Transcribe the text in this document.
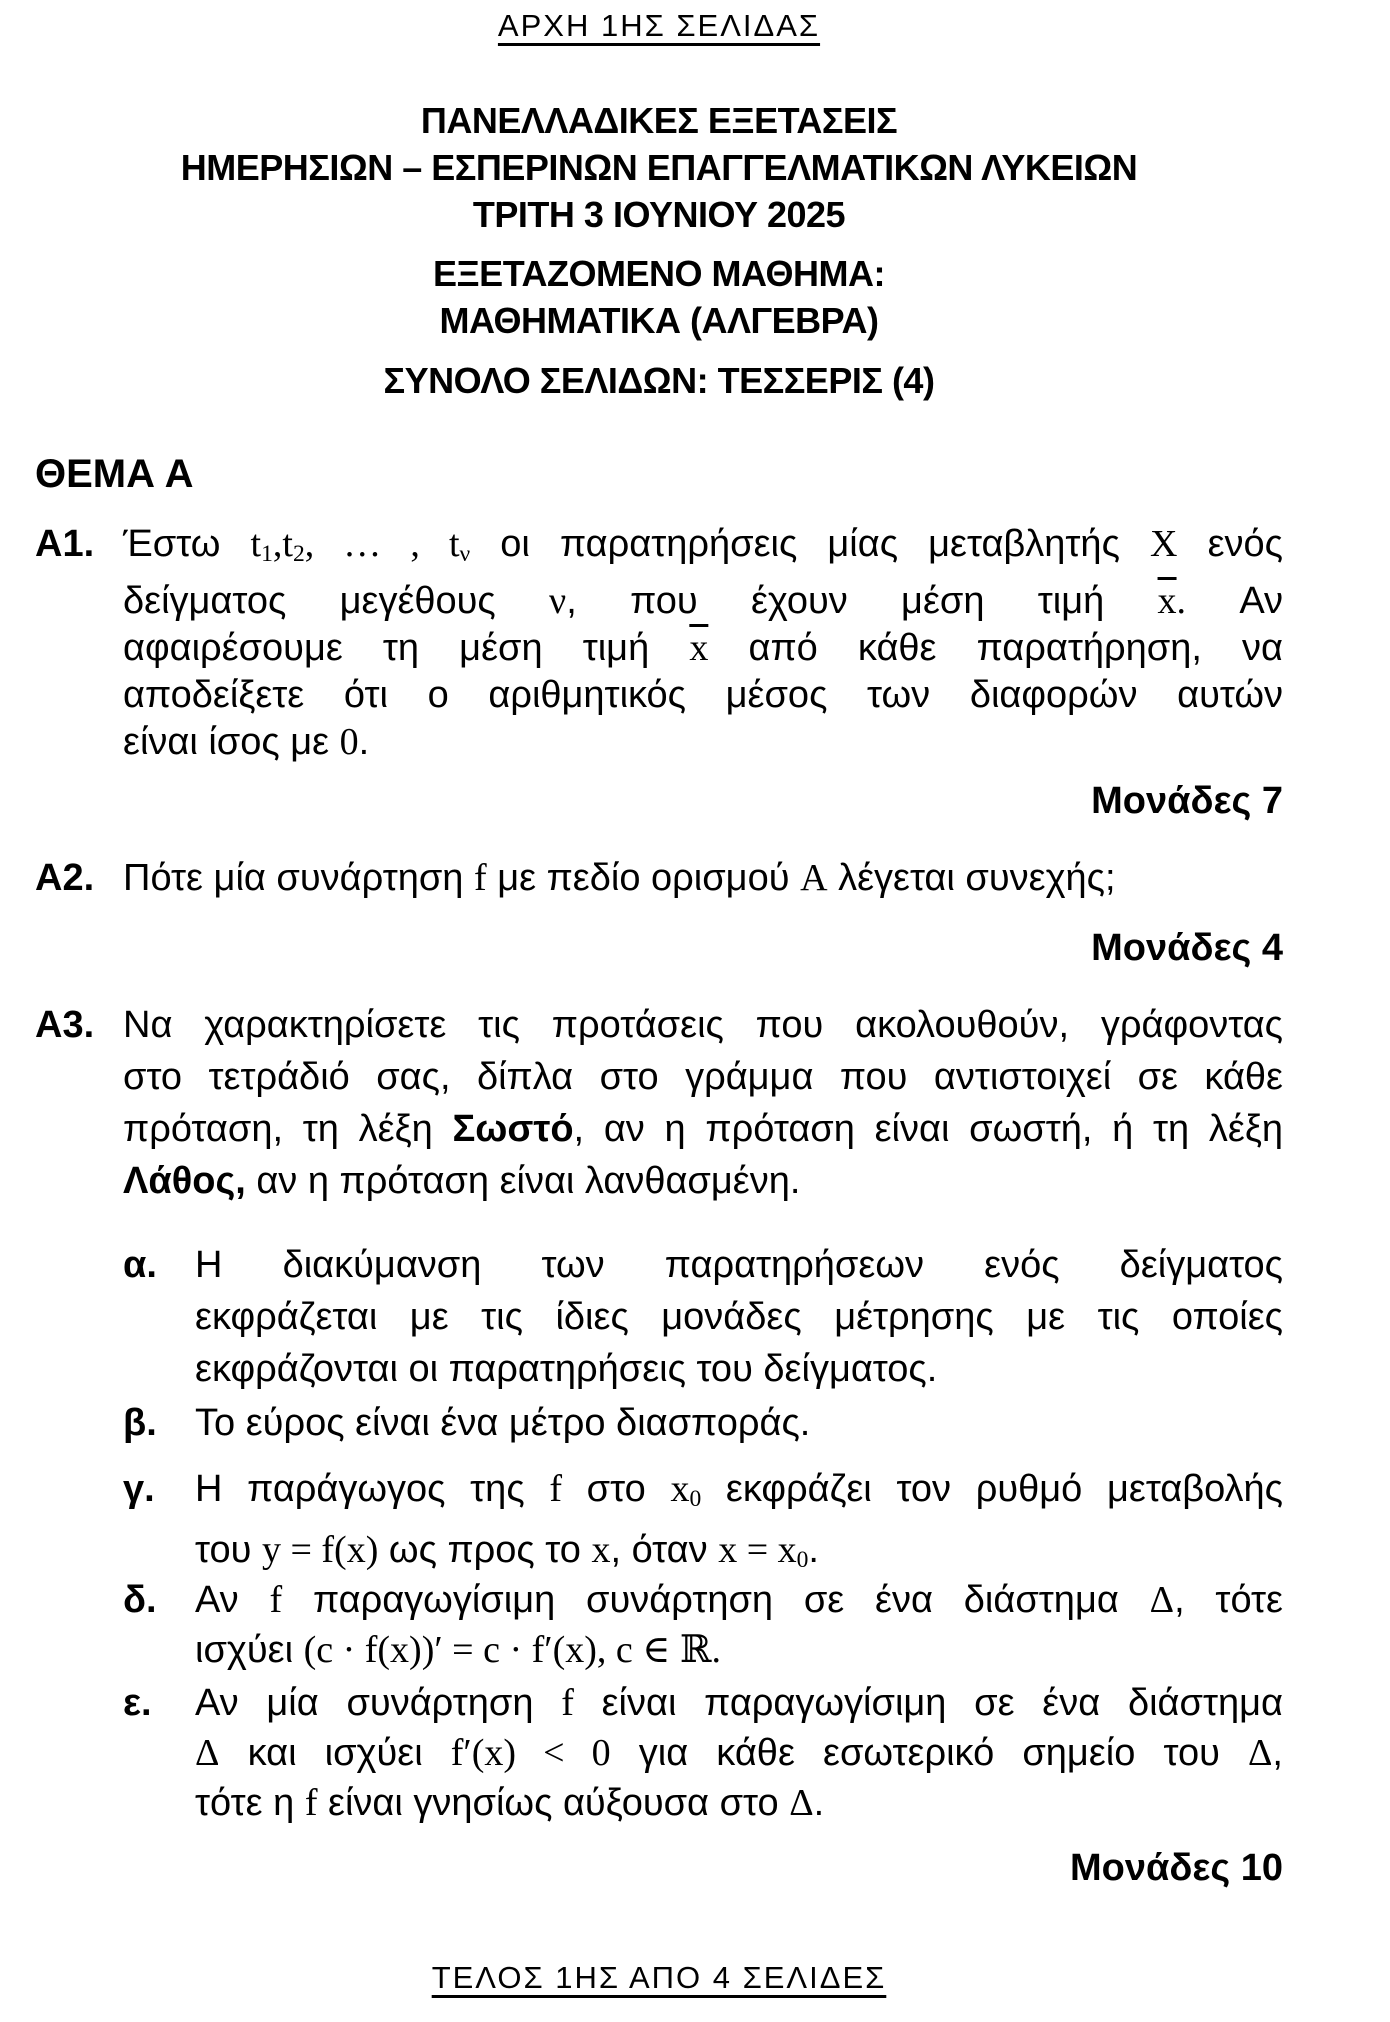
ΑΡΧΗ 1ΗΣ ΣΕΛΙΔΑΣ
ΠΑΝΕΛΛΑΔΙΚΕΣ ΕΞΕΤΑΣΕΙΣ
ΗΜΕΡΗΣΙΩΝ – ΕΣΠΕΡΙΝΩΝ ΕΠΑΓΓΕΛΜΑΤΙΚΩΝ ΛΥΚΕΙΩΝ
ΤΡΙΤΗ 3 ΙΟΥΝΙΟΥ 2025
ΕΞΕΤΑΖΟΜΕΝΟ ΜΑΘΗΜΑ:
ΜΑΘΗΜΑΤΙΚΑ (ΑΛΓΕΒΡΑ)
ΣΥΝΟΛΟ ΣΕΛΙΔΩΝ: ΤΕΣΣΕΡΙΣ (4)
ΘΕΜΑ Α
Α1. Έστω t1,t2, … , tν οι παρατηρήσεις μίας μεταβλητής Χ ενός
δείγματος μεγέθους ν, που έχουν μέση τιμή $\overline{x}$. Αν
αφαιρέσουμε τη μέση τιμή $\overline{x}$ από κάθε παρατήρηση, να
αποδείξετε ότι ο αριθμητικός μέσος των διαφορών αυτών
είναι ίσος με 0.
Μονάδες 7
Α2. Πότε μία συνάρτηση f με πεδίο ορισμού Α λέγεται συνεχής;
Μονάδες 4
Α3. Να χαρακτηρίσετε τις προτάσεις που ακολουθούν, γράφοντας
στο τετράδιό σας, δίπλα στο γράμμα που αντιστοιχεί σε κάθε
πρόταση, τη λέξη Σωστό, αν η πρόταση είναι σωστή, ή τη λέξη
Λάθος, αν η πρόταση είναι λανθασμένη.
α.	Η διακύμανση των παρατηρήσεων ενός δείγματος
εκφράζεται με τις ίδιες μονάδες μέτρησης με τις οποίες
εκφράζονται οι παρατηρήσεις του δείγματος.
β.	Το εύρος είναι ένα μέτρο διασποράς.
γ.	Η παράγωγος της f στο x0 εκφράζει τον ρυθμό μεταβολής
του y = f(x) ως προς το x, όταν x = x0.
δ.	Αν f παραγωγίσιμη συνάρτηση σε ένα διάστημα Δ, τότε
ισχύει (c · f(x))′ = c · f′(x), c ∈ ℝ.
ε.	Αν μία συνάρτηση f είναι παραγωγίσιμη σε ένα διάστημα
Δ και ισχύει f′(x) < 0 για κάθε εσωτερικό σημείο του Δ,
τότε η f είναι γνησίως αύξουσα στο Δ.
Μονάδες 10
ΤΕΛΟΣ 1ΗΣ ΑΠΟ 4 ΣΕΛΙΔΕΣ
